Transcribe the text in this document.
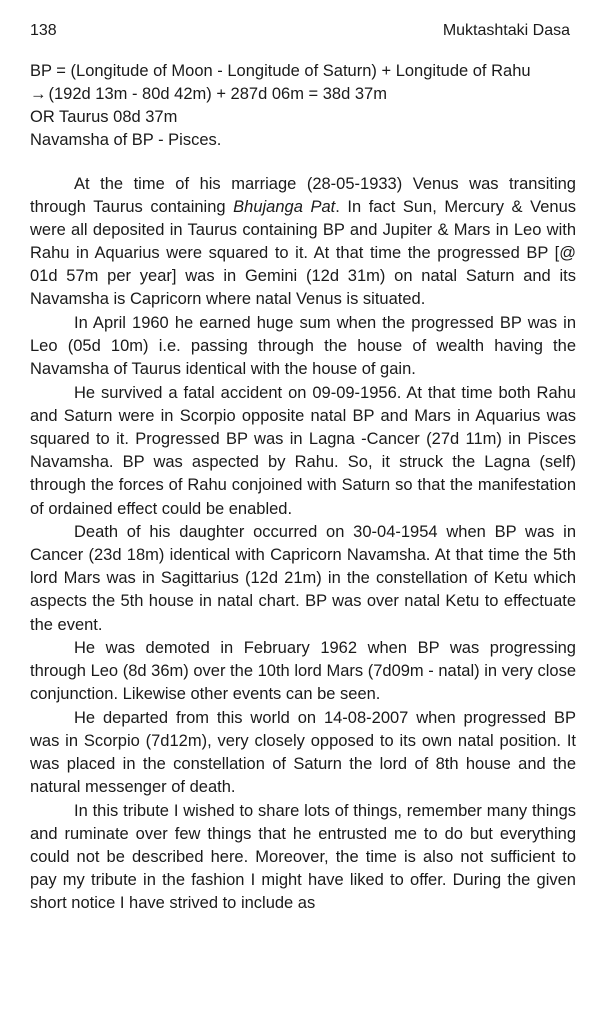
138	Muktashtaki Dasa
BP = (Longitude of Moon - Longitude of Saturn) + Longitude of Rahu
→ (192d 13m - 80d 42m) + 287d 06m = 38d 37m
OR Taurus 08d 37m
Navamsha of BP - Pisces.

At the time of his marriage (28-05-1933) Venus was transiting through Taurus containing Bhujanga Pat. In fact Sun, Mercury & Venus were all deposited in Taurus containing BP and Jupiter & Mars in Leo with Rahu in Aquarius were squared to it. At that time the progressed BP [@ 01d 57m per year] was in Gemini (12d 31m) on natal Saturn and its Navamsha is Capricorn where natal Venus is situated.

In April 1960 he earned huge sum when the progressed BP was in Leo (05d 10m) i.e. passing through the house of wealth having the Navamsha of Taurus identical with the house of gain.

He survived a fatal accident on 09-09-1956. At that time both Rahu and Saturn were in Scorpio opposite natal BP and Mars in Aquarius was squared to it. Progressed BP was in Lagna -Cancer (27d 11m) in Pisces Navamsha. BP was aspected by Rahu. So, it struck the Lagna (self) through the forces of Rahu conjoined with Saturn so that the manifestation of ordained effect could be enabled.

Death of his daughter occurred on 30-04-1954 when BP was in Cancer (23d 18m) identical with Capricorn Navamsha. At that time the 5th lord Mars was in Sagittarius (12d 21m) in the constellation of Ketu which aspects the 5th house in natal chart. BP was over natal Ketu to effectuate the event.

He was demoted in February 1962 when BP was progressing through Leo (8d 36m) over the 10th lord Mars (7d09m - natal) in very close conjunction. Likewise other events can be seen.

He departed from this world on 14-08-2007 when progressed BP was in Scorpio (7d12m), very closely opposed to its own natal position. It was placed in the constellation of Saturn the lord of 8th house and the natural messenger of death.

In this tribute I wished to share lots of things, remember many things and ruminate over few things that he entrusted me to do but everything could not be described here. Moreover, the time is also not sufficient to pay my tribute in the fashion I might have liked to offer. During the given short notice I have strived to include as
